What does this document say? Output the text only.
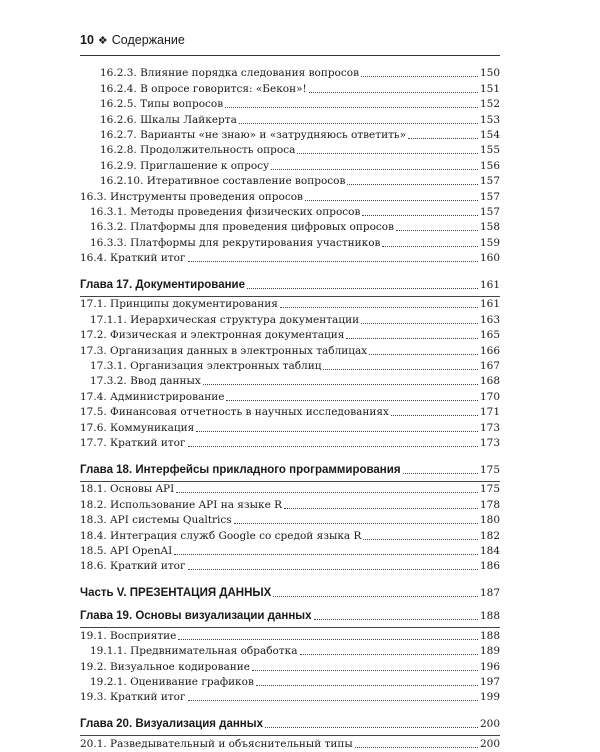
10 ❖ Содержание
16.2.3. Влияние порядка следования вопросов	150
16.2.4. В опросе говорится: «Бекон»!	151
16.2.5. Типы вопросов	152
16.2.6. Шкалы Лайкерта	153
16.2.7. Варианты «не знаю» и «затрудняюсь ответить»	154
16.2.8. Продолжительность опроса	155
16.2.9. Приглашение к опросу	156
16.2.10. Итеративное составление вопросов	157
16.3. Инструменты проведения опросов	157
16.3.1. Методы проведения физических опросов	157
16.3.2. Платформы для проведения цифровых опросов	158
16.3.3. Платформы для рекрутирования участников	159
16.4. Краткий итог	160
Глава 17. Документирование	161
17.1. Принципы документирования	161
17.1.1. Иерархическая структура документации	163
17.2. Физическая и электронная документация	165
17.3. Организация данных в электронных таблицах	166
17.3.1. Организация электронных таблиц	167
17.3.2. Ввод данных	168
17.4. Администрирование	170
17.5. Финансовая отчетность в научных исследованиях	171
17.6. Коммуникация	173
17.7. Краткий итог	173
Глава 18. Интерфейсы прикладного программирования	175
18.1. Основы API	175
18.2. Использование API на языке R	178
18.3. API системы Qualtrics	180
18.4. Интеграция служб Google со средой языка R	182
18.5. API OpenAI	184
18.6. Краткий итог	186
Часть V. ПРЕЗЕНТАЦИЯ ДАННЫХ	187
Глава 19. Основы визуализации данных	188
19.1. Восприятие	188
19.1.1. Предвнимательная обработка	189
19.2. Визуальное кодирование	196
19.2.1. Оценивание графиков	197
19.3. Краткий итог	199
Глава 20. Визуализация данных	200
20.1. Разведывательный и объяснительный типы	200
